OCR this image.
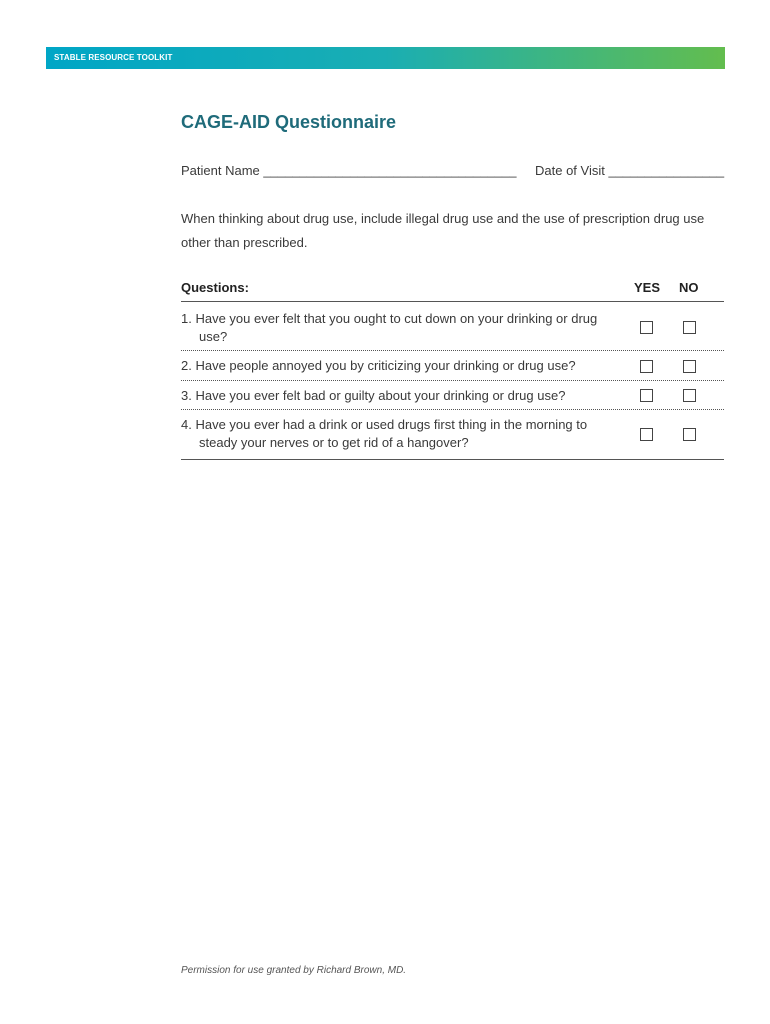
STABLE RESOURCE TOOLKIT
CAGE-AID Questionnaire
Patient Name ___________________________________ Date of Visit ________________
When thinking about drug use, include illegal drug use and the use of prescription drug use other than prescribed.
Questions:	YES NO
1. Have you ever felt that you ought to cut down on your drinking or drug use?
2. Have people annoyed you by criticizing your drinking or drug use?
3. Have you ever felt bad or guilty about your drinking or drug use?
4. Have you ever had a drink or used drugs first thing in the morning to steady your nerves or to get rid of a hangover?
Permission for use granted by Richard Brown, MD.
